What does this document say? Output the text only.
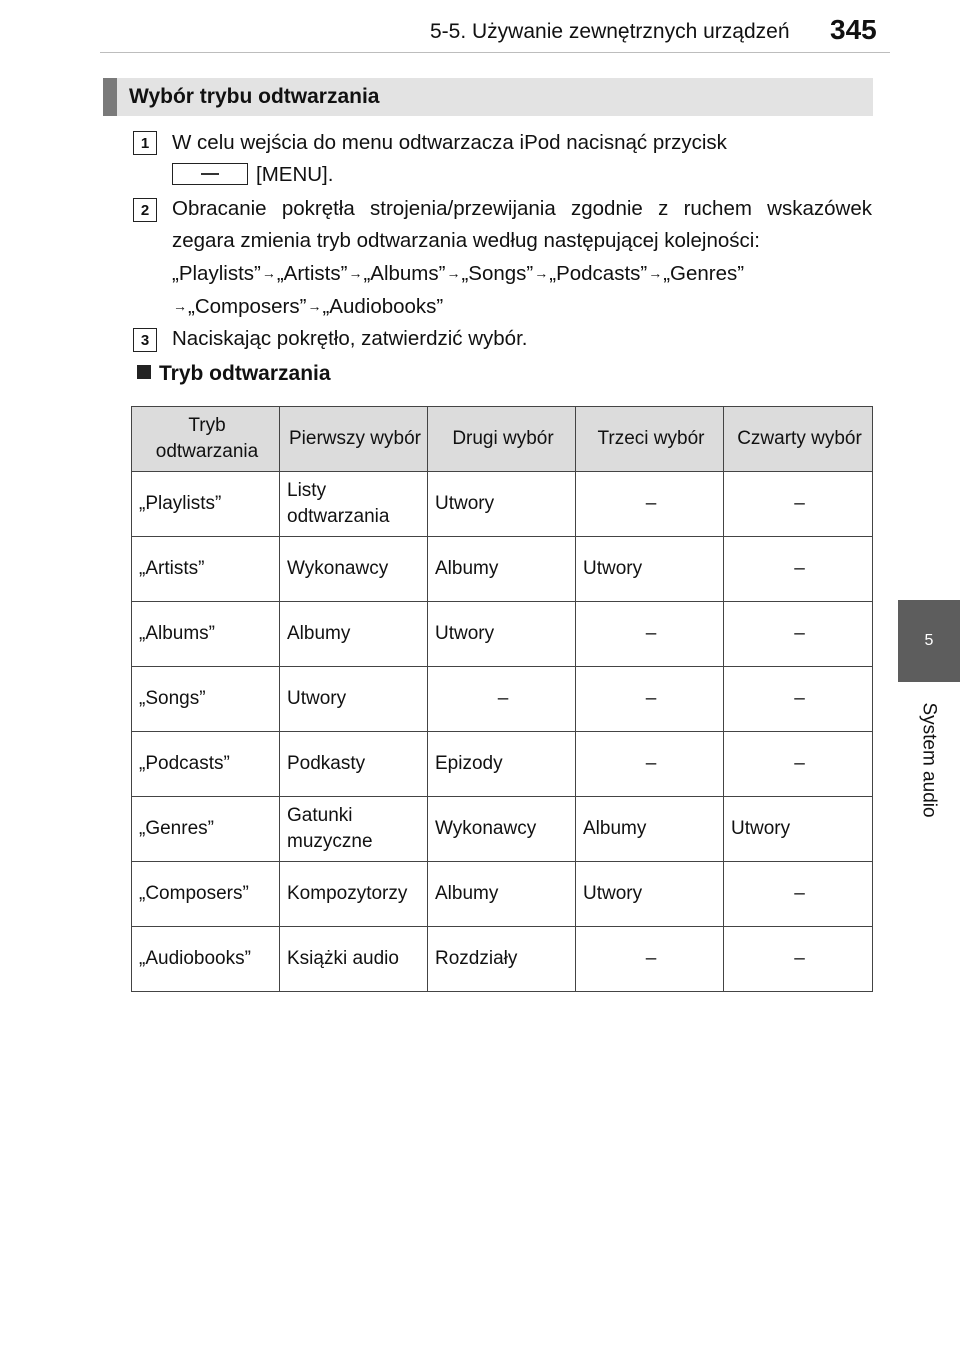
5-5. Używanie zewnętrznych urządzeń	345
5
System audio
Wybór trybu odtwarzania
1	W celu wejścia do menu odtwarzacza iPod nacisnąć przycisk

[MENU].
2	Obracanie pokrętła strojenia/przewijania zgodnie z ruchem wskazówek zegara zmienia tryb odtwarzania według następującej kolejności:
„Playlists”→„Artists”→„Albums”→„Songs”→„Podcasts”→„Genres”
→„Composers”→„Audiobooks”
3	Naciskając pokrętło, zatwierdzić wybór.
Tryb odtwarzania
Tryb odtwarzania	Pierwszy wybór	Drugi wybór	Trzeci wybór	Czwarty wybór
„Playlists”	Listy odtwarzania	Utwory	–	–
„Artists”	Wykonawcy	Albumy	Utwory	–
„Albums”	Albumy	Utwory	–	–
„Songs”	Utwory	–	–	–
„Podcasts”	Podkasty	Epizody	–	–
„Genres”	Gatunki muzyczne	Wykonawcy	Albumy	Utwory
„Composers”	Kompozytorzy	Albumy	Utwory	–
„Audiobooks”	Książki audio	Rozdziały	–	–
